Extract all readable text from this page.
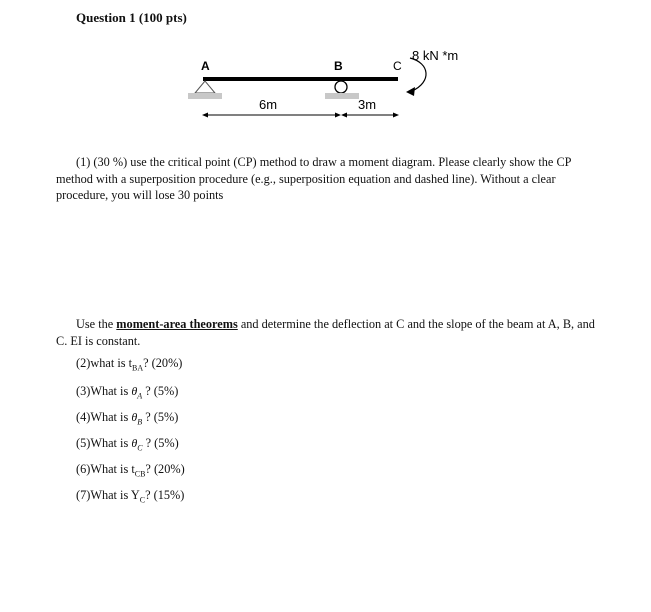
Question 1 (100 pts)
A	B	C
8 kN *m
6m	3m
(1) (30 %) use the critical point (CP) method to draw a moment diagram. Please clearly show the CP method with a superposition procedure (e.g., superposition equation and dashed line). Without a clear procedure, you will lose 30 points
Use the moment-area theorems and determine the deflection at C and the slope of the beam at A, B, and C. EI is constant.
(2)what is $t_{BA}$? (20%)
(3)What is $\theta_A$ ? (5%)
(4)What is $\theta_B$ ? (5%)
(5)What is $\theta_C$ ? (5%)
(6)What is $t_{CB}$? (20%)
(7)What is $Y_C$? (15%)
